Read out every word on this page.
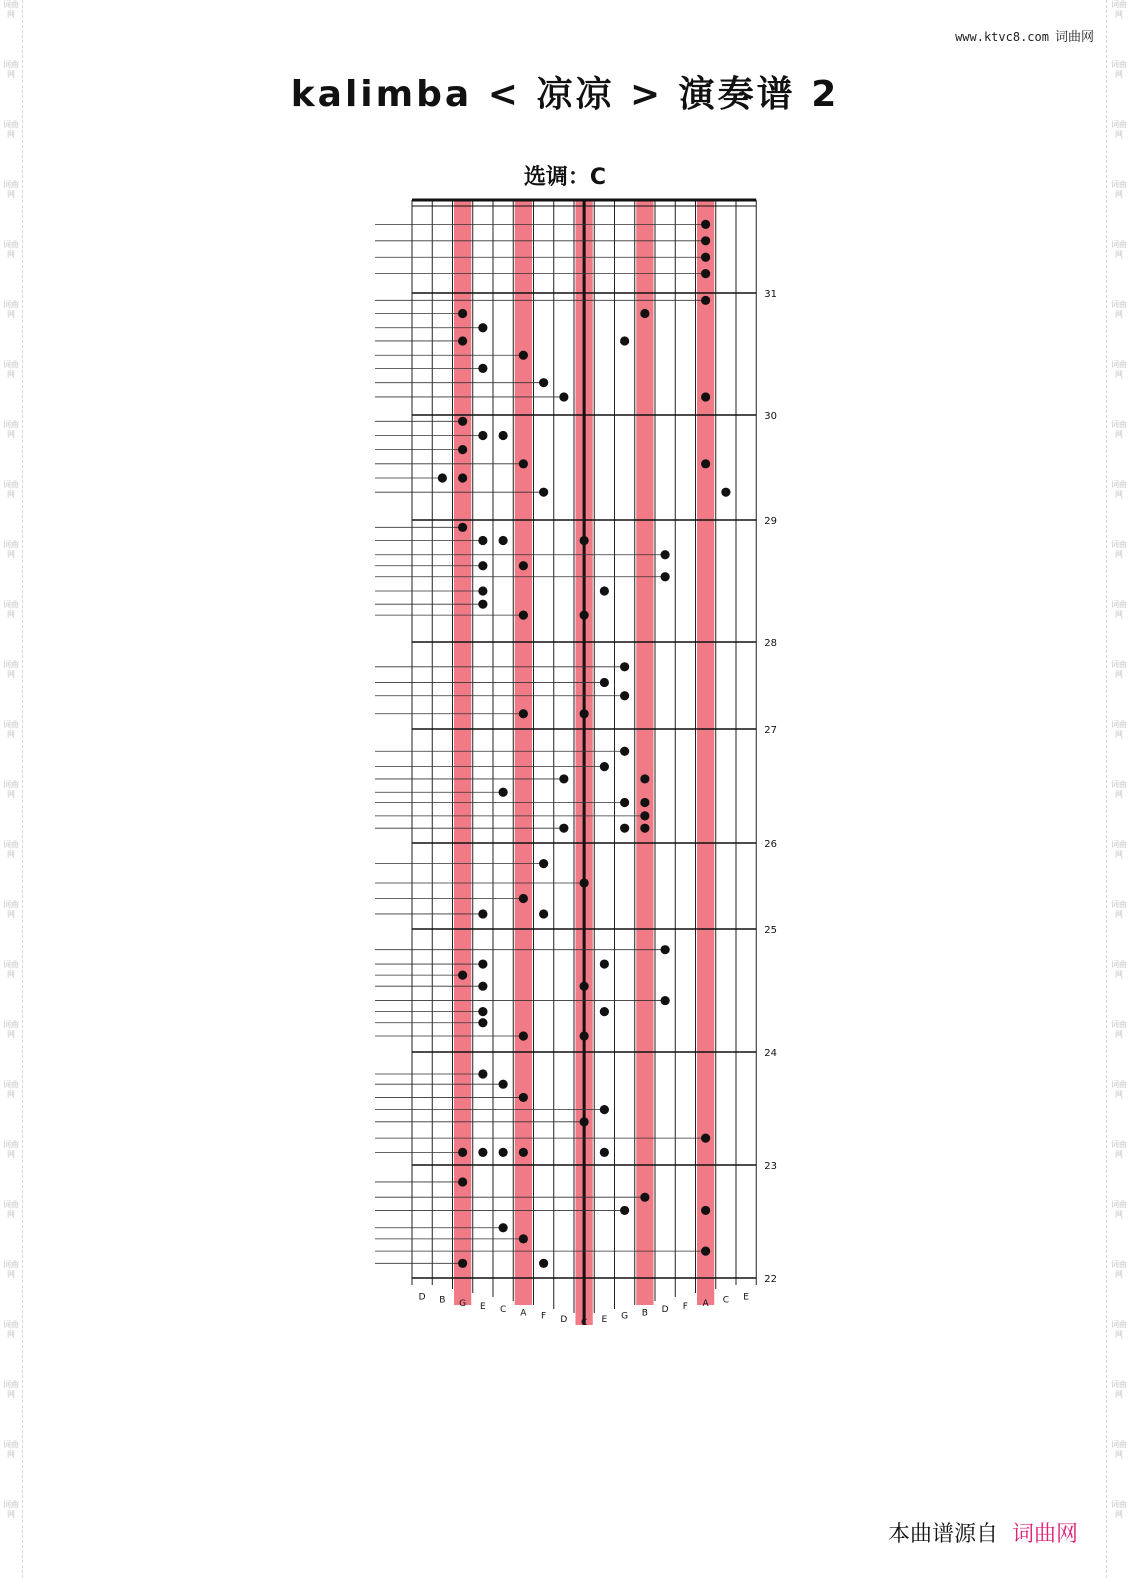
词曲网
词曲网
词曲网
词曲网
词曲网
词曲网
词曲网
词曲网
词曲网
词曲网
词曲网
词曲网
词曲网
词曲网
词曲网
词曲网
词曲网
词曲网
词曲网
词曲网
词曲网
词曲网
词曲网
词曲网
词曲网
词曲网
词曲网
词曲网
词曲网
词曲网
词曲网
词曲网
词曲网
词曲网
词曲网
词曲网
词曲网
词曲网
词曲网
词曲网
词曲网
词曲网
词曲网
词曲网
词曲网
词曲网
词曲网
词曲网
词曲网
词曲网
词曲网
词曲网
www.ktvc8.com 词曲网
kalimba < 凉凉 > 演奏谱 2
选调：C
31
30
29
28
27
26
25
24
23
22
D B G E C A F D C E G B D F A C E
本曲谱源自 词曲网
